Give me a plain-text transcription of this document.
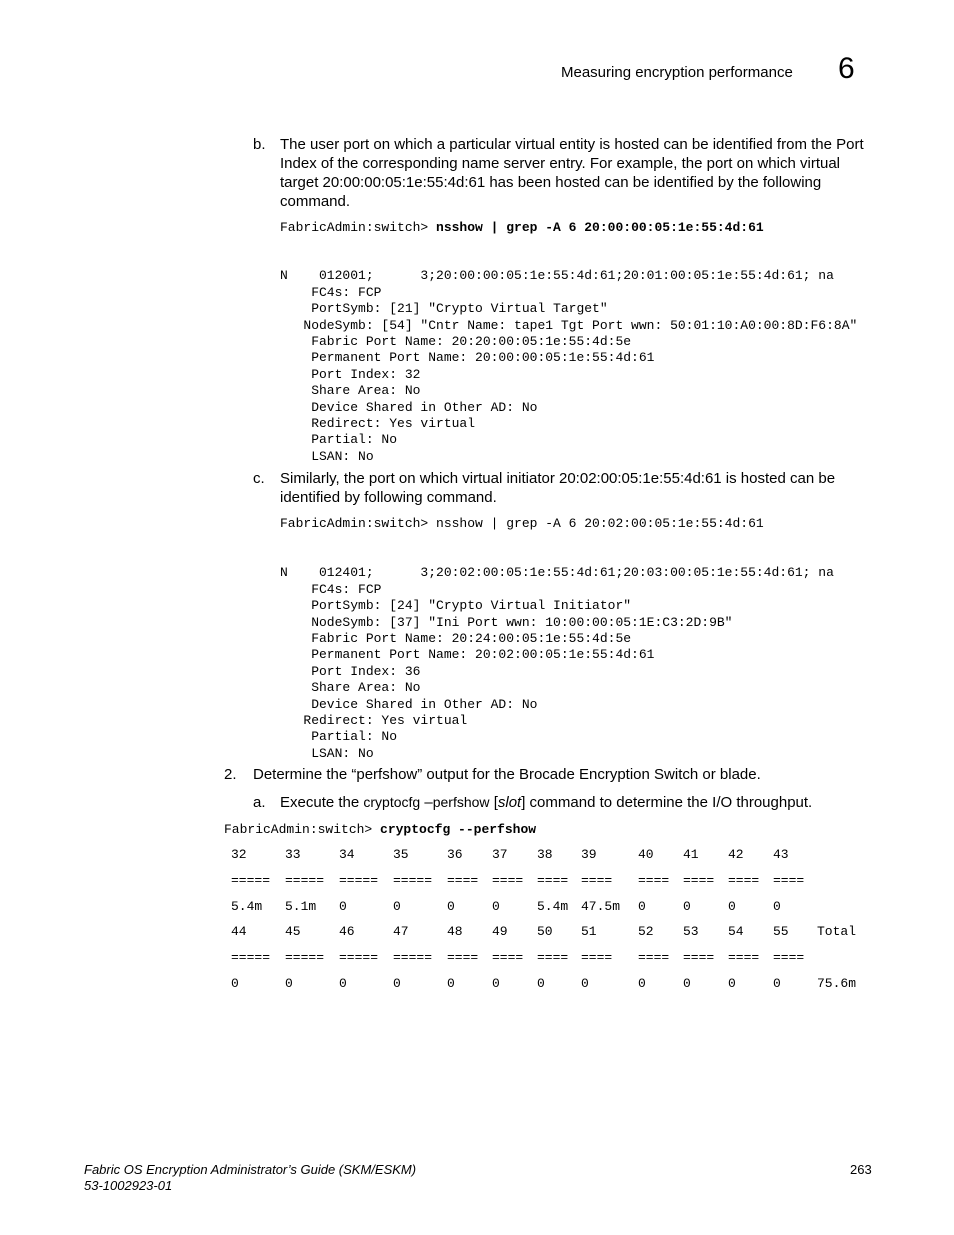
Measuring encryption performance 6
b. The user port on which a particular virtual entity is hosted can be identified from the Port Index of the corresponding name server entry. For example, the port on which virtual target 20:00:00:05:1e:55:4d:61 has been hosted can be identified by the following command.
FabricAdmin:switch> nsshow | grep -A 6 20:00:00:05:1e:55:4d:61

N    012001;      3;20:00:00:05:1e:55:4d:61;20:01:00:05:1e:55:4d:61; na
FC4s: FCP
PortSymb: [21] "Crypto Virtual Target"
NodeSymb: [54] "Cntr Name: tape1 Tgt Port wwn: 50:01:10:A0:00:8D:F6:8A"
Fabric Port Name: 20:20:00:05:1e:55:4d:5e
Permanent Port Name: 20:00:00:05:1e:55:4d:61
Port Index: 32
Share Area: No
Device Shared in Other AD: No
Redirect: Yes virtual
Partial: No
LSAN: No

c. Similarly, the port on which virtual initiator 20:02:00:05:1e:55:4d:61 is hosted can be identified by following command.
FabricAdmin:switch> nsshow | grep -A 6 20:02:00:05:1e:55:4d:61

N    012401;      3;20:02:00:05:1e:55:4d:61;20:03:00:05:1e:55:4d:61; na
FC4s: FCP
PortSymb: [24] "Crypto Virtual Initiator"
NodeSymb: [37] "Ini Port wwn: 10:00:00:05:1E:C3:2D:9B"
Fabric Port Name: 20:24:00:05:1e:55:4d:5e
Permanent Port Name: 20:02:00:05:1e:55:4d:61
Port Index: 36
Share Area: No
Device Shared in Other AD: No
Redirect: Yes virtual
Partial: No
LSAN: No

2. Determine the “perfshow” output for the Brocade Encryption Switch or blade.
a. Execute the cryptocfg –perfshow [slot] command to determine the I/O throughput.
FabricAdmin:switch> cryptocfg --perfshow
32	33	34	35	36 37 38 39	40 41 42 43
===== ===== ===== ===== ==== ==== ==== ==== ==== ==== ==== ====
5.4m 5.1m 0	0	0	0	5.4m 47.5m 0	0	0	0
44	45	46	47	48 49 50 51	52 53 54 55 Total
===== ===== ===== ===== ==== ==== ==== ==== ==== ==== ==== ====
0	0	0	0	0	0	0	0	0	0	0	0	75.6m
Fabric OS Encryption Administrator’s Guide (SKM/ESKM)
53-1002923-01
263
